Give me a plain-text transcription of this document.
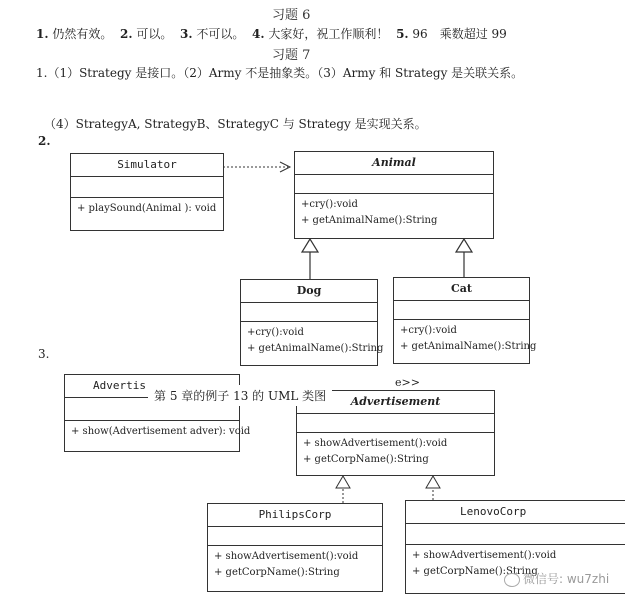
习题 6
1. 仍然有效。 2. 可以。 3. 不可以。 4. 大家好，祝工作顺利！ 5. 96　乘数超过 99
习题 7
1.（1）Strategy 是接口。（2）Army 不是抽象类。（3）Army 和 Strategy 是关联关系。
（4）StrategyA, StrategyB、StrategyC 与 Strategy 是实现关系。
2.
3.
Simulator
+ playSound(Animal ): void
Animal
+cry():void
+ getAnimalName():String
Dog
+cry():void
+ getAnimalName():String
Cat
+cry():void
+ getAnimalName():String
Advertis
+ show(Advertisement adver): void
e>>
Advertisement
+ showAdvertisement():void
+ getCorpName():String
PhilipsCorp
+ showAdvertisement():void
+ getCorpName():String
LenovoCorp
+ showAdvertisement():void
+ getCorpName():String
第 5 章的例子 13 的 UML 类图
微信号: wu7zhi
